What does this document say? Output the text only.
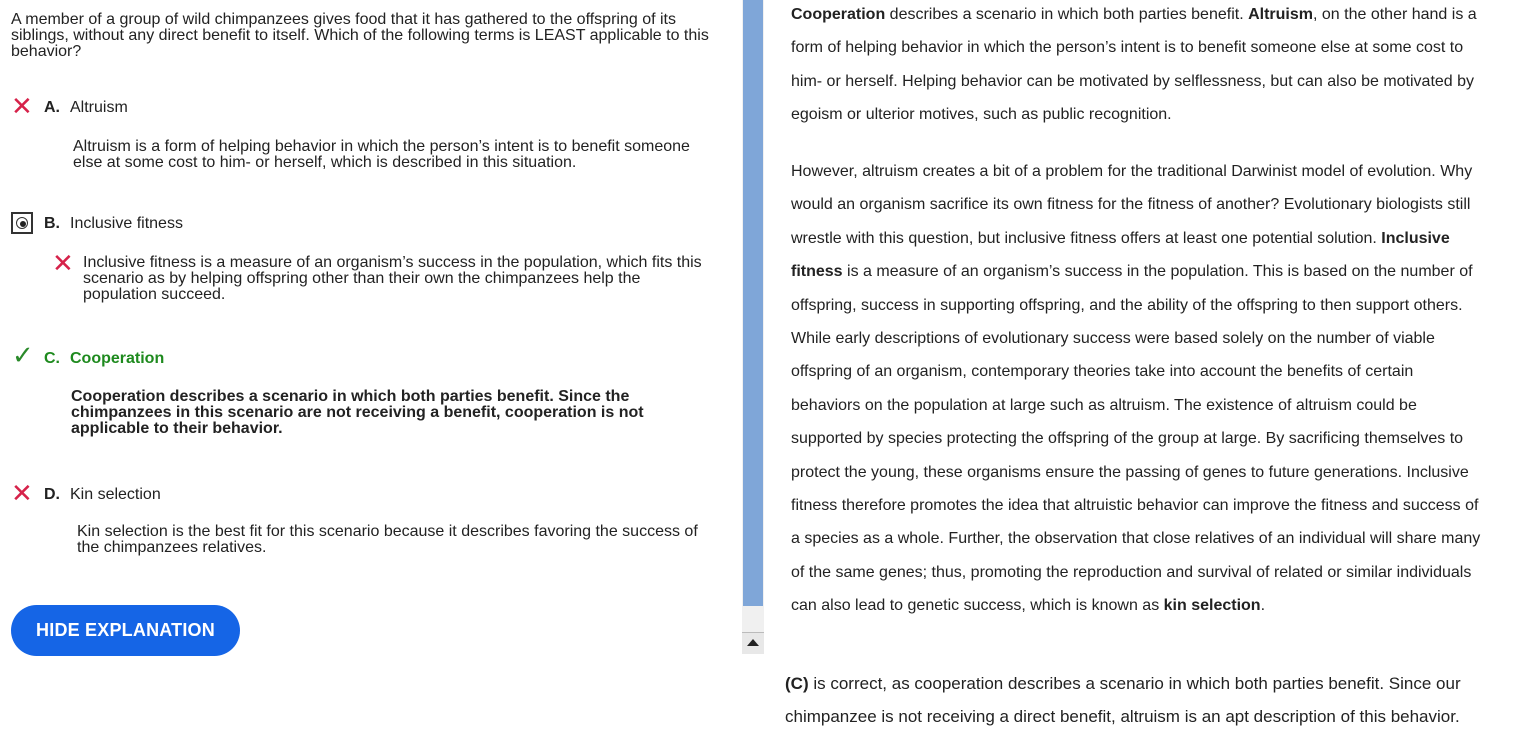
A member of a group of wild chimpanzees gives food that it has gathered to the offspring of its siblings, without any direct benefit to itself. Which of the following terms is LEAST applicable to this behavior?
✕ A. Altruism
Altruism is a form of helping behavior in which the person’s intent is to benefit someone else at some cost to him- or herself, which is described in this situation.
B. Inclusive fitness
✕ Inclusive fitness is a measure of an organism’s success in the population, which fits this scenario as by helping offspring other than their own the chimpanzees help the population succeed.
✓ C. Cooperation
Cooperation describes a scenario in which both parties benefit. Since the chimpanzees in this scenario are not receiving a benefit, cooperation is not applicable to their behavior.
✕ D. Kin selection
Kin selection is the best fit for this scenario because it describes favoring the success of the chimpanzees relatives.
HIDE EXPLANATION
Cooperation describes a scenario in which both parties benefit. Altruism, on the other hand is a form of helping behavior in which the person’s intent is to benefit someone else at some cost to him- or herself. Helping behavior can be motivated by selflessness, but can also be motivated by egoism or ulterior motives, such as public recognition.
However, altruism creates a bit of a problem for the traditional Darwinist model of evolution. Why would an organism sacrifice its own fitness for the fitness of another? Evolutionary biologists still wrestle with this question, but inclusive fitness offers at least one potential solution. Inclusive fitness is a measure of an organism’s success in the population. This is based on the number of offspring, success in supporting offspring, and the ability of the offspring to then support others. While early descriptions of evolutionary success were based solely on the number of viable offspring of an organism, contemporary theories take into account the benefits of certain behaviors on the population at large such as altruism. The existence of altruism could be supported by species protecting the offspring of the group at large. By sacrificing themselves to protect the young, these organisms ensure the passing of genes to future generations. Inclusive fitness therefore promotes the idea that altruistic behavior can improve the fitness and success of a species as a whole. Further, the observation that close relatives of an individual will share many of the same genes; thus, promoting the reproduction and survival of related or similar individuals can also lead to genetic success, which is known as kin selection.
(C) is correct, as cooperation describes a scenario in which both parties benefit. Since our chimpanzee is not receiving a direct benefit, altruism is an apt description of this behavior.
